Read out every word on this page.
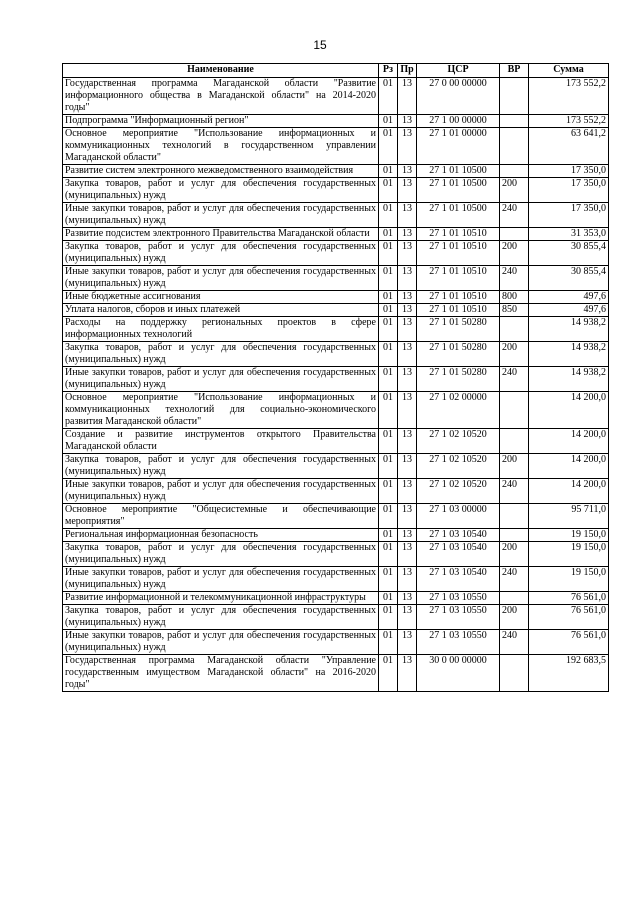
15
Наименование	Рз	Пр	ЦСР	ВР	Сумма
Государственная программа Магаданской области "Развитие информационного общества в Магаданской области" на 2014-2020 годы"	01	13	27 0 00 00000		173 552,2
Подпрограмма "Информационный регион"	01	13	27 1 00 00000		173 552,2
Основное мероприятие "Использование информационных и коммуникационных технологий в государственном управлении Магаданской области"	01	13	27 1 01 00000		63 641,2
Развитие систем электронного межведомственного взаимодействия	01	13	27 1 01 10500		17 350,0
Закупка товаров, работ и услуг для обеспечения государственных (муниципальных) нужд	01	13	27 1 01 10500	200	17 350,0
Иные закупки товаров, работ и услуг для обеспечения государственных (муниципальных) нужд	01	13	27 1 01 10500	240	17 350,0
Развитие подсистем электронного Правительства Магаданской области	01	13	27 1 01 10510		31 353,0
Закупка товаров, работ и услуг для обеспечения государственных (муниципальных) нужд	01	13	27 1 01 10510	200	30 855,4
Иные закупки товаров, работ и услуг для обеспечения государственных (муниципальных) нужд	01	13	27 1 01 10510	240	30 855,4
Иные бюджетные ассигнования	01	13	27 1 01 10510	800	497,6
Уплата налогов, сборов и иных платежей	01	13	27 1 01 10510	850	497,6
Расходы на поддержку региональных проектов в сфере информационных технологий	01	13	27 1 01 50280		14 938,2
Закупка товаров, работ и услуг для обеспечения государственных (муниципальных) нужд	01	13	27 1 01 50280	200	14 938,2
Иные закупки товаров, работ и услуг для обеспечения государственных (муниципальных) нужд	01	13	27 1 01 50280	240	14 938,2
Основное мероприятие "Использование информационных и коммуникационных технологий для социально-экономического развития Магаданской области"	01	13	27 1 02 00000		14 200,0
Создание и развитие инструментов открытого Правительства Магаданской области	01	13	27 1 02 10520		14 200,0
Закупка товаров, работ и услуг для обеспечения государственных (муниципальных) нужд	01	13	27 1 02 10520	200	14 200,0
Иные закупки товаров, работ и услуг для обеспечения государственных (муниципальных) нужд	01	13	27 1 02 10520	240	14 200,0
Основное мероприятие "Общесистемные и обеспечивающие мероприятия"	01	13	27 1 03 00000		95 711,0
Региональная информационная безопасность	01	13	27 1 03 10540		19 150,0
Закупка товаров, работ и услуг для обеспечения государственных (муниципальных) нужд	01	13	27 1 03 10540	200	19 150,0
Иные закупки товаров, работ и услуг для обеспечения государственных (муниципальных) нужд	01	13	27 1 03 10540	240	19 150,0
Развитие информационной и телекоммуникационной инфраструктуры	01	13	27 1 03 10550		76 561,0
Закупка товаров, работ и услуг для обеспечения государственных (муниципальных) нужд	01	13	27 1 03 10550	200	76 561,0
Иные закупки товаров, работ и услуг для обеспечения государственных (муниципальных) нужд	01	13	27 1 03 10550	240	76 561,0
Государственная программа Магаданской области "Управление государственным имуществом Магаданской области" на 2016-2020 годы"	01	13	30 0 00 00000		192 683,5
